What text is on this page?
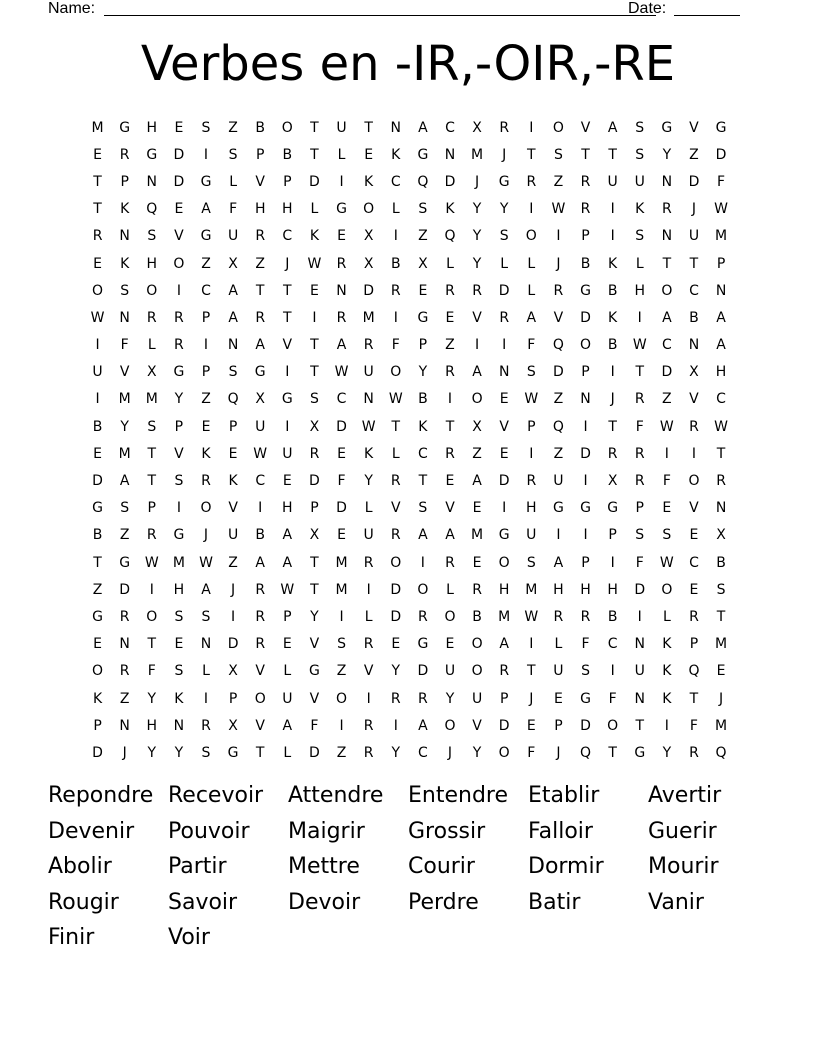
Name:	Date:
Verbes en -IR,-OIR,-RE
M	G	H	E	S	Z	B	O	T	U	T	N	A	C	X	R	I	O	V	A	S	G	V	G
E	R	G	D	I	S	P	B	T	L	E	K	G	N	M	J	T	S	T	T	S	Y	Z	D
T	P	N	D	G	L	V	P	D	I	K	C	Q	D	J	G	R	Z	R	U	U	N	D	F
T	K	Q	E	A	F	H	H	L	G	O	L	S	K	Y	Y	I	W	R	I	K	R	J	W
R	N	S	V	G	U	R	C	K	E	X	I	Z	Q	Y	S	O	I	P	I	S	N	U	M
E	K	H	O	Z	X	Z	J	W	R	X	B	X	L	Y	L	L	J	B	K	L	T	T	P
O	S	O	I	C	A	T	T	E	N	D	R	E	R	R	D	L	R	G	B	H	O	C	N
W	N	R	R	P	A	R	T	I	R	M	I	G	E	V	R	A	V	D	K	I	A	B	A
I	F	L	R	I	N	A	V	T	A	R	F	P	Z	I	I	F	Q	O	B	W	C	N	A
U	V	X	G	P	S	G	I	T	W	U	O	Y	R	A	N	S	D	P	I	T	D	X	H
I	M	M	Y	Z	Q	X	G	S	C	N	W	B	I	O	E	W	Z	N	J	R	Z	V	C
B	Y	S	P	E	P	U	I	X	D	W	T	K	T	X	V	P	Q	I	T	F	W	R	W
E	M	T	V	K	E	W	U	R	E	K	L	C	R	Z	E	I	Z	D	R	R	I	I	T
D	A	T	S	R	K	C	E	D	F	Y	R	T	E	A	D	R	U	I	X	R	F	O	R
G	S	P	I	O	V	I	H	P	D	L	V	S	V	E	I	H	G	G	G	P	E	V	N
B	Z	R	G	J	U	B	A	X	E	U	R	A	A	M	G	U	I	I	P	S	S	E	X
T	G	W	M	W	Z	A	A	T	M	R	O	I	R	E	O	S	A	P	I	F	W	C	B
Z	D	I	H	A	J	R	W	T	M	I	D	O	L	R	H	M	H	H	H	D	O	E	S
G	R	O	S	S	I	R	P	Y	I	L	D	R	O	B	M	W	R	R	B	I	L	R	T
E	N	T	E	N	D	R	E	V	S	R	E	G	E	O	A	I	L	F	C	N	K	P	M
O	R	F	S	L	X	V	L	G	Z	V	Y	D	U	O	R	T	U	S	I	U	K	Q	E
K	Z	Y	K	I	P	O	U	V	O	I	R	R	Y	U	P	J	E	G	F	N	K	T	J
P	N	H	N	R	X	V	A	F	I	R	I	A	O	V	D	E	P	D	O	T	I	F	M
D	J	Y	Y	S	G	T	L	D	Z	R	Y	C	J	Y	O	F	J	Q	T	G	Y	R	Q
Repondre Recevoir	Attendre	Entendre Etablir	Avertir
Devenir	Pouvoir	Maigrir	Grossir	Falloir	Guerir
Abolir	Partir	Mettre	Courir	Dormir	Mourir
Rougir	Savoir	Devoir	Perdre	Batir	Vanir
Finir	Voir
